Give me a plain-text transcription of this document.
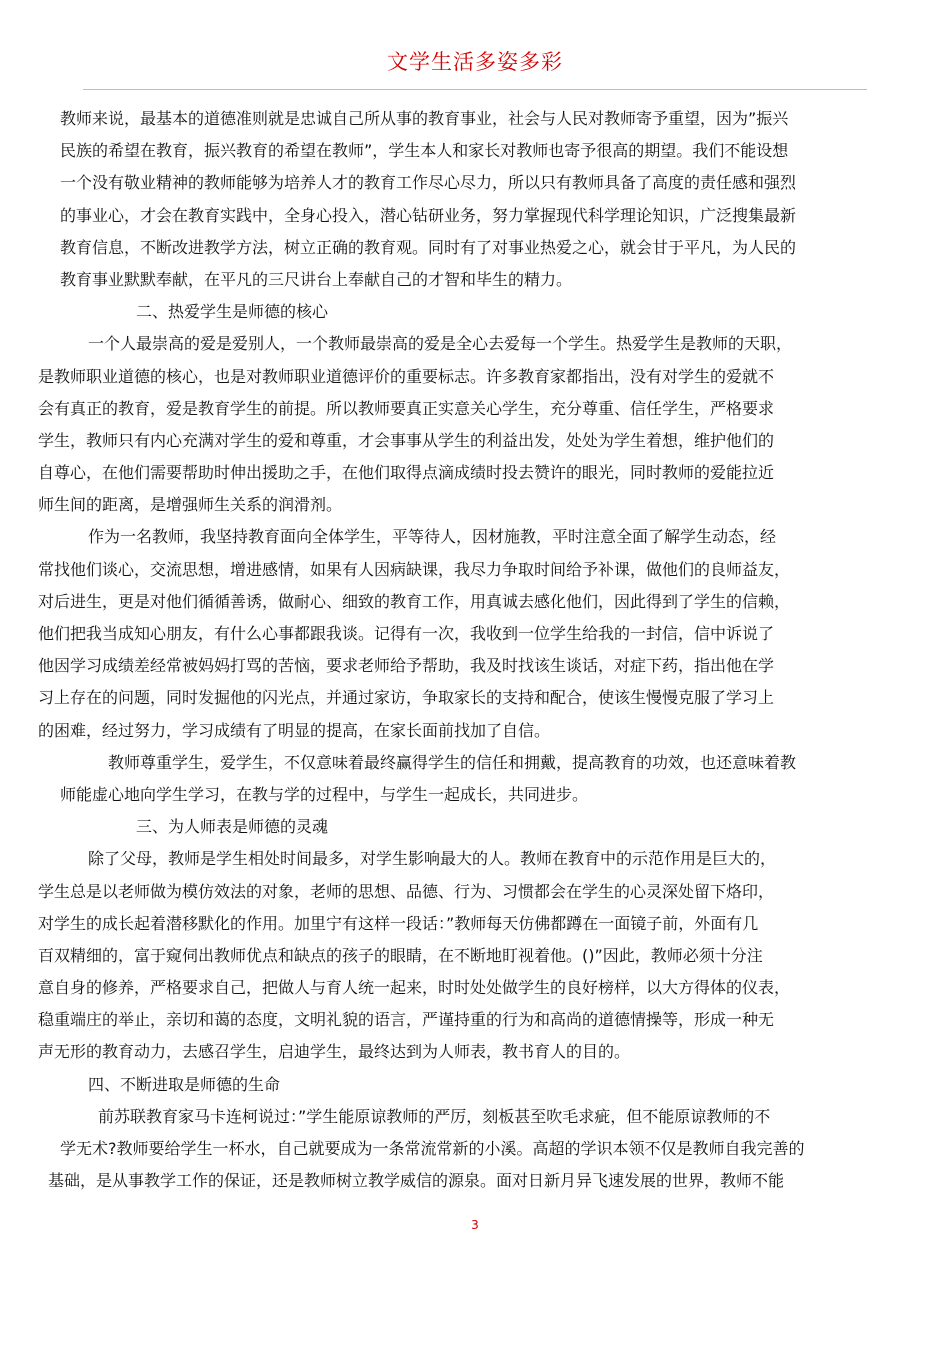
文学生活多姿多彩
教师来说，最基本的道德准则就是忠诚自己所从事的教育事业，社会与人民对教师寄予重望，因为”振兴
民族的希望在教育，振兴教育的希望在教师”，学生本人和家长对教师也寄予很高的期望。我们不能设想
一个没有敬业精神的教师能够为培养人才的教育工作尽心尽力，所以只有教师具备了高度的责任感和强烈
的事业心，才会在教育实践中，全身心投入，潜心钻研业务，努力掌握现代科学理论知识，广泛搜集最新
教育信息，不断改进教学方法，树立正确的教育观。同时有了对事业热爱之心，就会甘于平凡，为人民的
教育事业默默奉献，在平凡的三尺讲台上奉献自己的才智和毕生的精力。
二、热爱学生是师德的核心
一个人最崇高的爱是爱别人，一个教师最崇高的爱是全心去爱每一个学生。热爱学生是教师的天职，
是教师职业道德的核心，也是对教师职业道德评价的重要标志。许多教育家都指出，没有对学生的爱就不
会有真正的教育，爱是教育学生的前提。所以教师要真正实意关心学生，充分尊重、信任学生，严格要求
学生，教师只有内心充满对学生的爱和尊重，才会事事从学生的利益出发，处处为学生着想，维护他们的
自尊心，在他们需要帮助时伸出援助之手，在他们取得点滴成绩时投去赞许的眼光，同时教师的爱能拉近
师生间的距离，是增强师生关系的润滑剂。
作为一名教师，我坚持教育面向全体学生，平等待人，因材施教，平时注意全面了解学生动态，经
常找他们谈心，交流思想，增进感情，如果有人因病缺课，我尽力争取时间给予补课，做他们的良师益友，
对后进生，更是对他们循循善诱，做耐心、细致的教育工作，用真诚去感化他们，因此得到了学生的信赖，
他们把我当成知心朋友，有什么心事都跟我谈。记得有一次，我收到一位学生给我的一封信，信中诉说了
他因学习成绩差经常被妈妈打骂的苦恼，要求老师给予帮助，我及时找该生谈话，对症下药，指出他在学
习上存在的问题，同时发掘他的闪光点，并通过家访，争取家长的支持和配合，使该生慢慢克服了学习上
的困难，经过努力，学习成绩有了明显的提高，在家长面前找加了自信。
教师尊重学生，爱学生，不仅意味着最终赢得学生的信任和拥戴，提高教育的功效，也还意味着教
师能虚心地向学生学习，在教与学的过程中，与学生一起成长，共同进步。
三、为人师表是师德的灵魂
除了父母，教师是学生相处时间最多，对学生影响最大的人。教师在教育中的示范作用是巨大的，
学生总是以老师做为模仿效法的对象，老师的思想、品德、行为、习惯都会在学生的心灵深处留下烙印，
对学生的成长起着潜移默化的作用。加里宁有这样一段话：”教师每天仿佛都蹲在一面镜子前，外面有几
百双精细的，富于窥伺出教师优点和缺点的孩子的眼睛，在不断地盯视着他。()”因此，教师必须十分注
意自身的修养，严格要求自己，把做人与育人统一起来，时时处处做学生的良好榜样，以大方得体的仪表，
稳重端庄的举止，亲切和蔼的态度，文明礼貌的语言，严谨持重的行为和高尚的道德情操等，形成一种无
声无形的教育动力，去感召学生，启迪学生，最终达到为人师表，教书育人的目的。
四、不断进取是师德的生命
前苏联教育家马卡连柯说过：”学生能原谅教师的严厉，刻板甚至吹毛求疵，但不能原谅教师的不
学无术?教师要给学生一杯水，自己就要成为一条常流常新的小溪。高超的学识本领不仅是教师自我完善的
基础，是从事教学工作的保证，还是教师树立教学威信的源泉。面对日新月异飞速发展的世界，教师不能
3
